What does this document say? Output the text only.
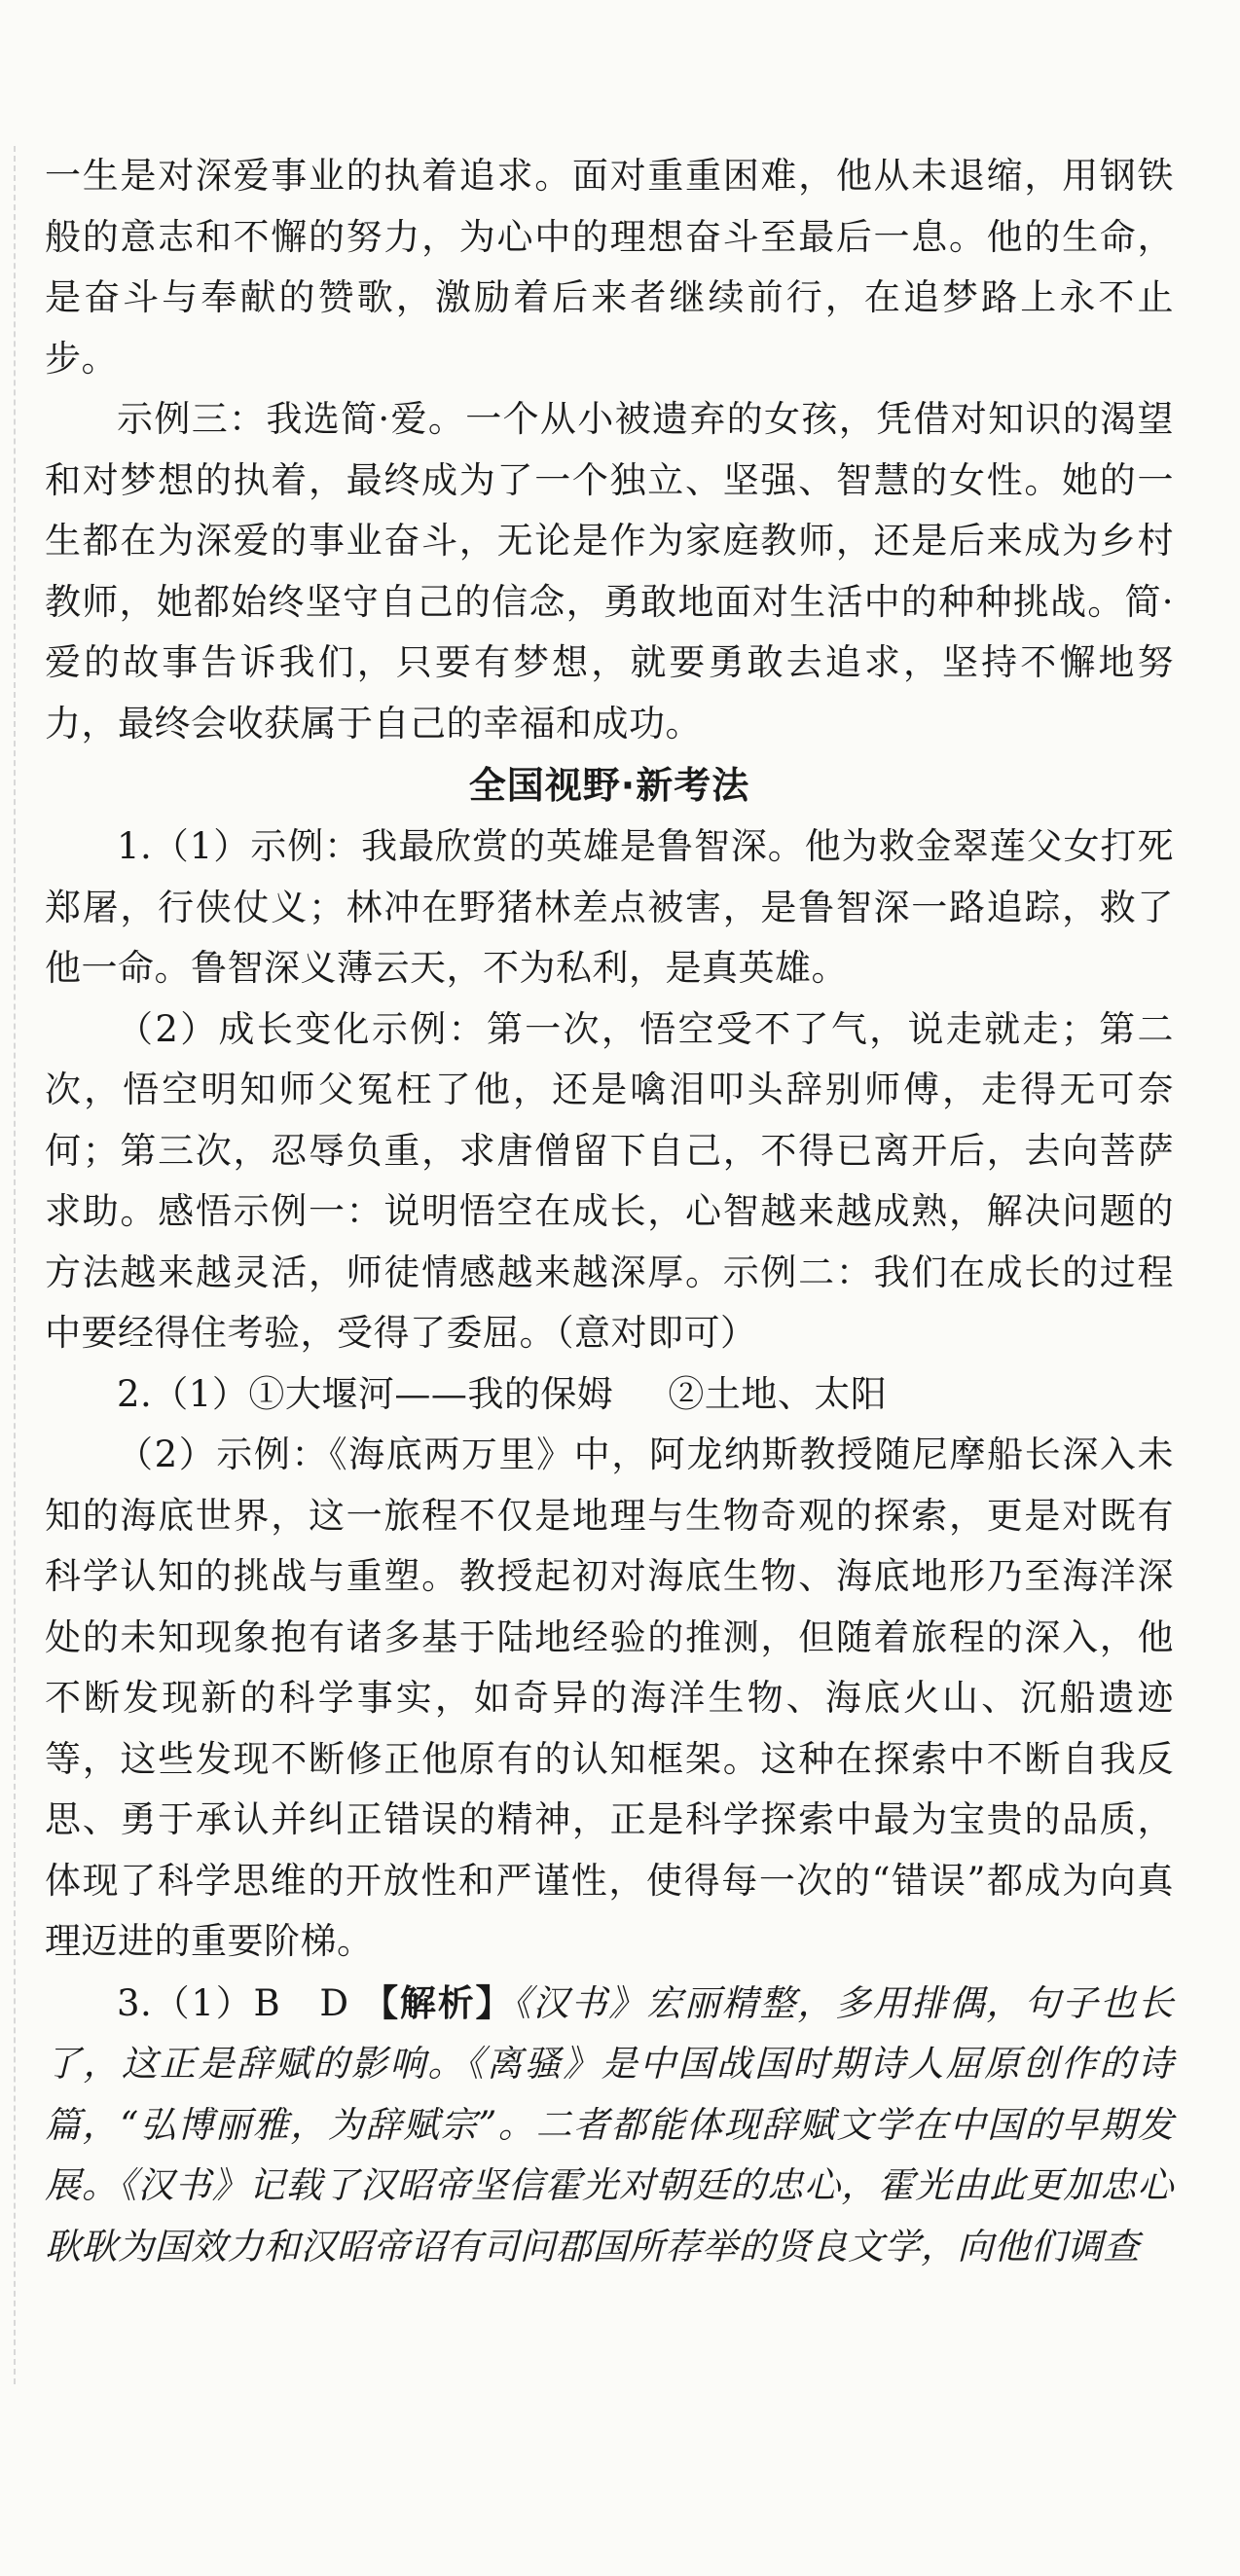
一生是对深爱事业的执着追求。面对重重困难，他从未退缩，用钢铁般的意志和不懈的努力，为心中的理想奋斗至最后一息。他的生命，是奋斗与奉献的赞歌，激励着后来者继续前行，在追梦路上永不止步。

示例三：我选简·爱。一个从小被遗弃的女孩，凭借对知识的渴望和对梦想的执着，最终成为了一个独立、坚强、智慧的女性。她的一生都在为深爱的事业奋斗，无论是作为家庭教师，还是后来成为乡村教师，她都始终坚守自己的信念，勇敢地面对生活中的种种挑战。简·爱的故事告诉我们，只要有梦想，就要勇敢去追求，坚持不懈地努力，最终会收获属于自己的幸福和成功。

全国视野·新考法

1.（1）示例：我最欣赏的英雄是鲁智深。他为救金翠莲父女打死郑屠，行侠仗义；林冲在野猪林差点被害，是鲁智深一路追踪，救了他一命。鲁智深义薄云天，不为私利，是真英雄。

（2）成长变化示例：第一次，悟空受不了气，说走就走；第二次，悟空明知师父冤枉了他，还是噙泪叩头辞别师傅，走得无可奈何；第三次，忍辱负重，求唐僧留下自己，不得已离开后，去向菩萨求助。感悟示例一：说明悟空在成长，心智越来越成熟，解决问题的方法越来越灵活，师徒情感越来越深厚。示例二：我们在成长的过程中要经得住考验，受得了委屈。（意对即可）

2.（1）①大堰河——我的保姆 ②土地、太阳

（2）示例：《海底两万里》中，阿龙纳斯教授随尼摩船长深入未知的海底世界，这一旅程不仅是地理与生物奇观的探索，更是对既有科学认知的挑战与重塑。教授起初对海底生物、海底地形乃至海洋深处的未知现象抱有诸多基于陆地经验的推测，但随着旅程的深入，他不断发现新的科学事实，如奇异的海洋生物、海底火山、沉船遗迹等，这些发现不断修正他原有的认知框架。这种在探索中不断自我反思、勇于承认并纠正错误的精神，正是科学探索中最为宝贵的品质，体现了科学思维的开放性和严谨性，使得每一次的“错误”都成为向真理迈进的重要阶梯。

3.（1）B　D 【解析】《汉书》宏丽精整，多用排偶，句子也长了，这正是辞赋的影响。《离骚》是中国战国时期诗人屈原创作的诗篇，“弘博丽雅，为辞赋宗”。二者都能体现辞赋文学在中国的早期发展。《汉书》记载了汉昭帝坚信霍光对朝廷的忠心，霍光由此更加忠心耿耿为国效力和汉昭帝诏有司问郡国所荐举的贤良文学，向他们调查
